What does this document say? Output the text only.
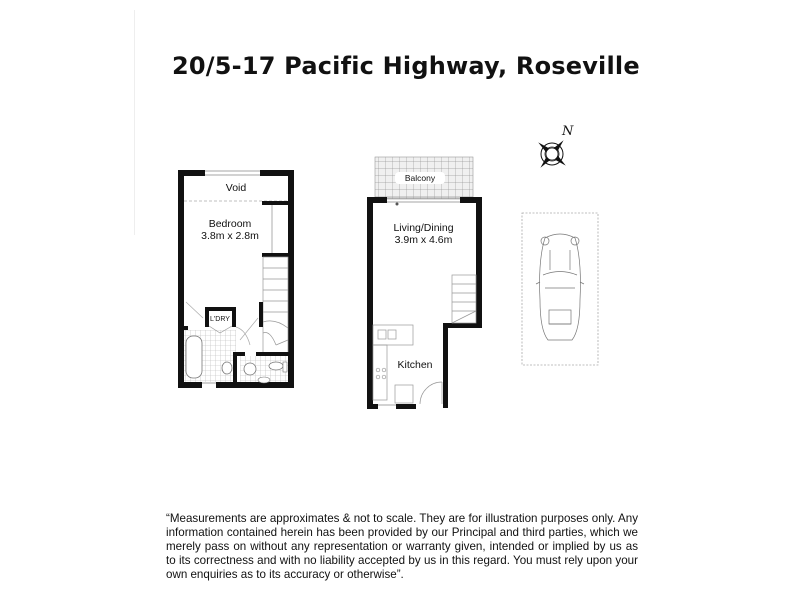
20/5-17 Pacific Highway, Roseville
Void
Bedroom
3.8m x 2.8m
L'DRY
Balcony
Living/Dining
3.9m x 4.6m
Kitchen
N
“Measurements are approximates & not to scale. They are for illustration purposes only. Any information contained herein has been provided by our Principal and third parties, which we merely pass on without any representation or warranty given, intended or implied by us as to its correctness and with no liability accepted by us in this regard. You must rely upon your own enquiries as to its accuracy or otherwise”.
